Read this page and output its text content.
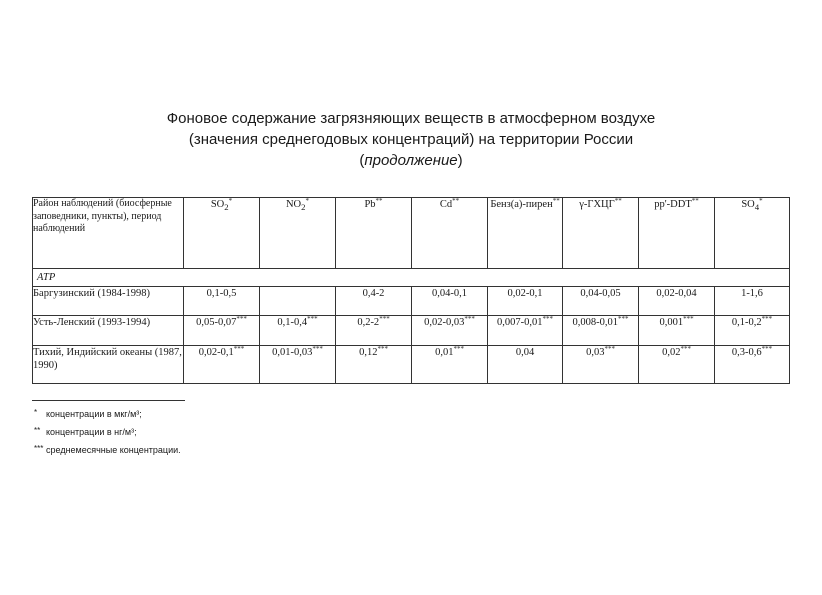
Фоновое содержание загрязняющих веществ в атмосферном воздухе
(значения среднегодовых концентраций) на территории России
(продолжение)
Район наблюдений (биосферные заповедники, пункты), период наблюдений	$SO_2^*$	$NO_2^*$	Pb**	Cd**	Бенз(а)-пирен**	γ-ГХЦГ**	pp'-DDT**	$SO_4^*$
АТР								
Баргузинский (1984-1998)	0,1-0,5		0,4-2	0,04-0,1	0,02-0,1	0,04-0,05	0,02-0,04	1-1,6
Усть-Ленский (1993-1994)	0,05-0,07***	0,1-0,4***	0,2-2***	0,02-0,03***	0,007-0,01***	0,008-0,01***	0,001***	0,1-0,2***
Тихий, Индийский океаны (1987, 1990)	0,02-0,1***	0,01-0,03***	0,12***	0,01***	0,04	0,03***	0,02***	0,3-0,6***
* концентрации в мкг/м³;
** концентрации в нг/м³;
*** среднемесячные концентрации.
